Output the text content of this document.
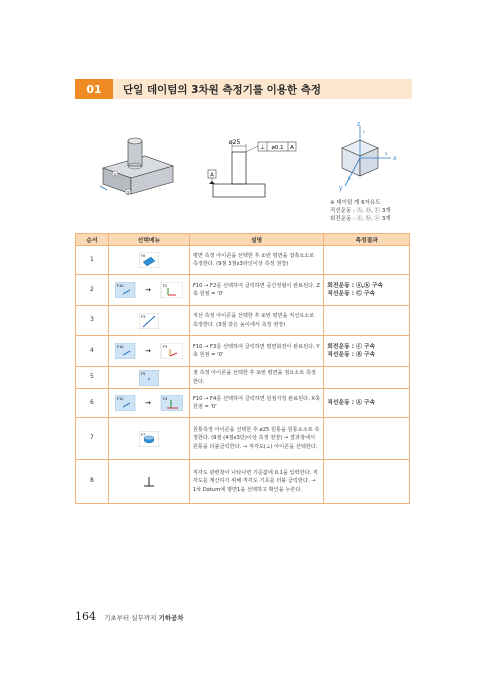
01	단일 데이텀의 3차원 측정기를 이용한 측정
①
②
ø25
⊥ ø0.1 A
A
z
x
y
c
a
b
※ 데이텀 계 6자유도
직선운동 : Ⓐ, Ⓑ, Ⓒ 3개
회전운동 : ⓐ, ⓑ, ⓒ 3개
순서	선택메뉴	설명	측정결과
1	F8	평면 측정 아이콘을 선택한 후 ①번 평면을 접촉요소로 측정한다. (9점 3점x3라인이상 측정 권장)	
2	F10 → F2	F10 → F2를 선택하여 클릭하면 공간정렬이 완료된다. Z축 원점 = '0'	회전운동 : ⓐ,ⓑ 구속
직선운동 : Ⓒ 구속
3	F3	직선 측정 아이콘을 선택한 후 ②번 평면을 직선요소로 측정한다. (3점 같은 높이에서 측정 권장)	
4	F10 → F3	F10 → F3를 선택하여 클릭하면 평면회전이 완료된다. Y축 원점 = '0'	회전운동 : ⓒ 구속
직선운동 : Ⓑ 구속
5	F5	점 측정 아이콘을 선택한 후 ③번 평면을 점요소로 측정한다.	
6	F10 → F4	F10 → F4를 선택하여 클릭하면 원점지정 완료된다. X축 원점 = '0'	직선운동 : Ⓐ 구속
7	F7	원통측정 아이콘을 선택한 후 ø25 원통을 원통요소로 측정한다. (9점 (4점x3단)이상 측정 권장) → 결과창에서 원통을 더블클릭한다. → 직각도(⊥) 아이콘을 선택한다.	
8		직각도 관련창이 나타나면 기준값에 0.1을 입력한다. 직각도를 계산하기 위해 직각도 기호를 더블 클릭한다. → 1차 Datum에 평면1을 선택하고 확인을 누른다.	
164 기초부터 실무까지 기하공차
